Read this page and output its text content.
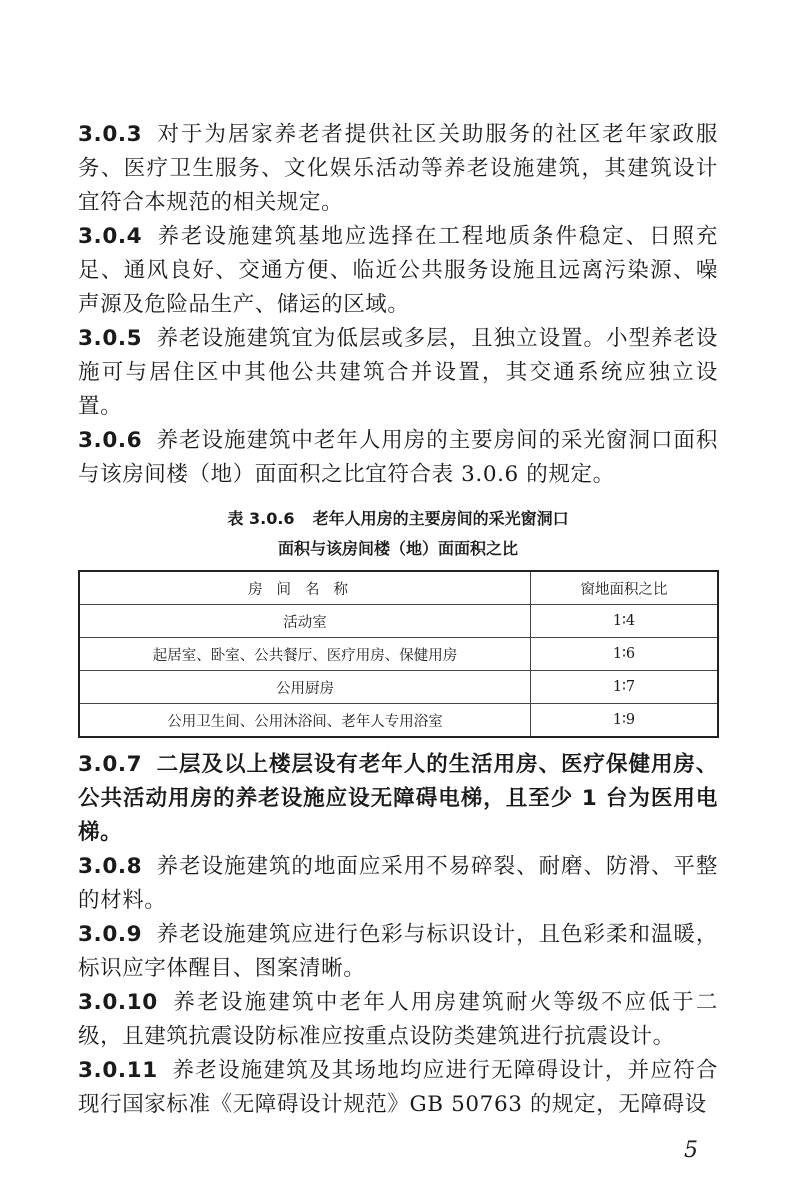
3.0.3 对于为居家养老者提供社区关助服务的社区老年家政服务、医疗卫生服务、文化娱乐活动等养老设施建筑，其建筑设计宜符合本规范的相关规定。

3.0.4 养老设施建筑基地应选择在工程地质条件稳定、日照充足、通风良好、交通方便、临近公共服务设施且远离污染源、噪声源及危险品生产、储运的区域。

3.0.5 养老设施建筑宜为低层或多层，且独立设置。小型养老设施可与居住区中其他公共建筑合并设置，其交通系统应独立设置。

3.0.6 养老设施建筑中老年人用房的主要房间的采光窗洞口面积与该房间楼（地）面面积之比宜符合表 3.0.6 的规定。

表 3.0.6 老年人用房的主要房间的采光窗洞口
面积与该房间楼（地）面面积之比
房间名称	窗地面积之比
活动室	1∶4
起居室、卧室、公共餐厅、医疗用房、保健用房	1∶6
公用厨房	1∶7
公用卫生间、公用沐浴间、老年人专用浴室	1∶9

3.0.7 二层及以上楼层设有老年人的生活用房、医疗保健用房、公共活动用房的养老设施应设无障碍电梯，且至少 1 台为医用电梯。

3.0.8 养老设施建筑的地面应采用不易碎裂、耐磨、防滑、平整的材料。

3.0.9 养老设施建筑应进行色彩与标识设计，且色彩柔和温暖，标识应字体醒目、图案清晰。

3.0.10 养老设施建筑中老年人用房建筑耐火等级不应低于二级，且建筑抗震设防标准应按重点设防类建筑进行抗震设计。

3.0.11 养老设施建筑及其场地均应进行无障碍设计，并应符合现行国家标准《无障碍设计规范》GB 50763 的规定，无障碍设

5
